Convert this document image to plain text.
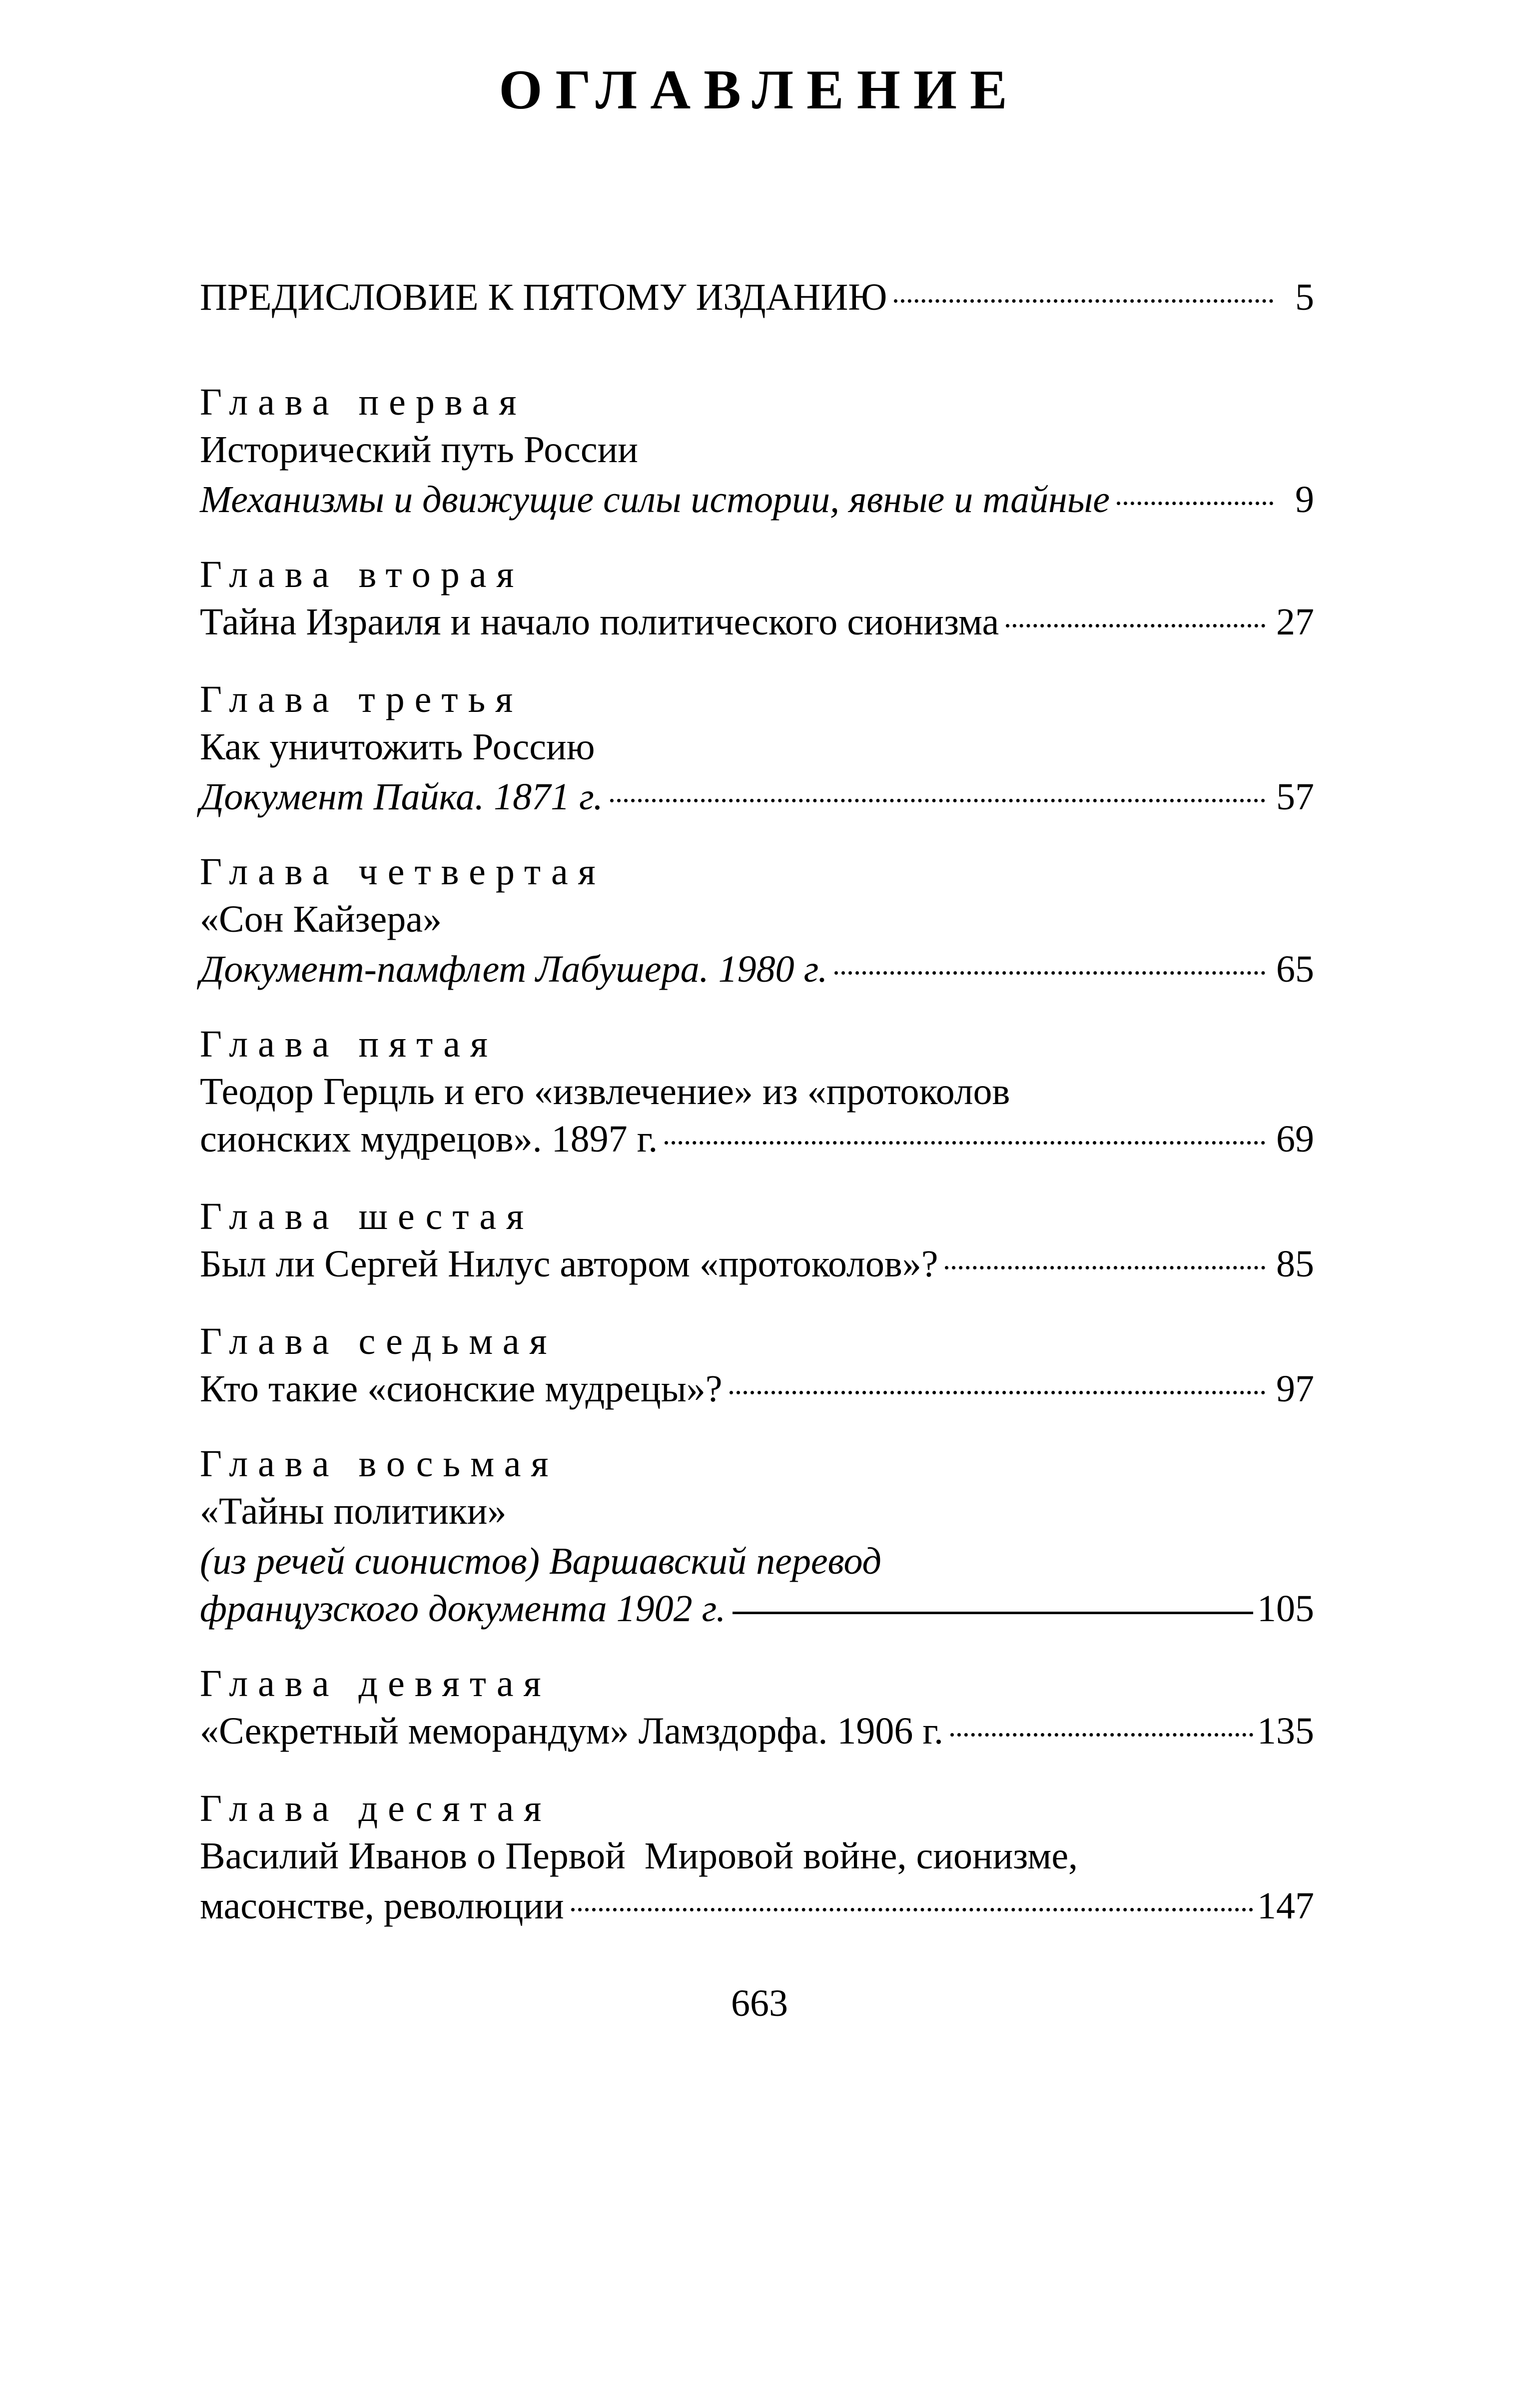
ОГЛАВЛЕНИЕ
ПРЕДИСЛОВИЕ К ПЯТОМУ ИЗДАНИЮ	5
Глава первая
Исторический путь России
Механизмы и движущие силы истории, явные и тайные	9
Глава вторая
Тайна Израиля и начало политического сионизма	27
Глава третья
Как уничтожить Россию
Документ Пайка. 1871 г.	57
Глава четвертая
«Сон Кайзера»
Документ-памфлет Лабушера. 1980 г.	65
Глава пятая
Теодор Герцль и его «извлечение» из «протоколов
сионских мудрецов». 1897 г.	69
Глава шестая
Был ли Сергей Нилус автором «протоколов»?	85
Глава седьмая
Кто такие «сионские мудрецы»?	97
Глава восьмая
«Тайны политики»
(из речей сионистов) Варшавский перевод
французского документа 1902 г.	105
Глава девятая
«Секретный меморандум» Ламздорфа. 1906 г.	135
Глава десятая
Василий Иванов о Первой  Мировой войне, сионизме,
масонстве, революции	147
663
